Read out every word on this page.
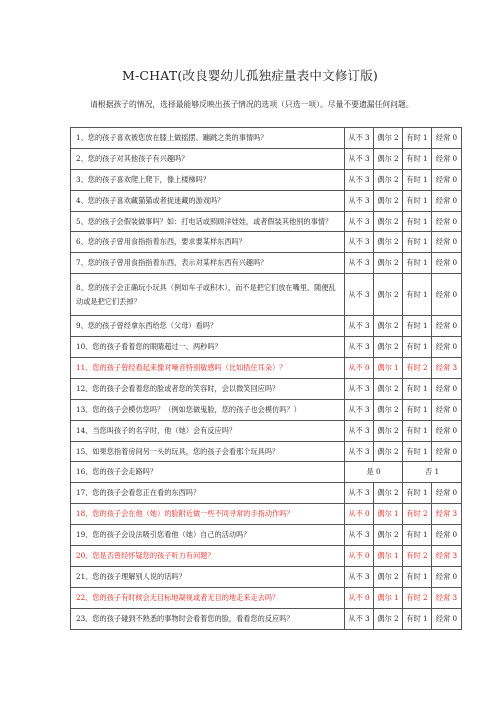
M-CHAT(改良婴幼儿孤独症量表中文修订版)
请根据孩子的情况，选择最能够反映出孩子情况的选项（只选一项）。尽量不要遗漏任何问题。
1、您的孩子喜欢被您放在膝上做摇摆、蹦跳之类的事情吗？	从不 3	偶尔 2	有时 1	经常 0
2、您的孩子对其他孩子有兴趣吗？	从不 3	偶尔 2	有时 1	经常 0
3、您的孩子喜欢爬上爬下，像上楼梯吗？	从不 3	偶尔 2	有时 1	经常 0
4、您的孩子喜欢藏猫猫或者捉迷藏的游戏吗？	从不 3	偶尔 2	有时 1	经常 0
5、您的孩子会假装做事吗？如：打电话或照顾洋娃娃，或者假装其他别的事情？	从不 3	偶尔 2	有时 1	经常 0
6、您的孩子曾用食指指着东西，要求要某样东西吗？	从不 3	偶尔 2	有时 1	经常 0
7、您的孩子曾用食指指着东西，表示对某样东西有兴趣吗？	从不 3	偶尔 2	有时 1	经常 0
8、您的孩子会正确玩小玩具（例如车子或积木），而不是把它们放在嘴里、随便乱动或是把它们丢掉？	从不 3	偶尔 2	有时 1	经常 0
9、您的孩子曾经拿东西给您（父母）看吗？	从不 3	偶尔 2	有时 1	经常 0
10、您的孩子看着您的眼睛超过一、两秒吗？	从不 3	偶尔 2	有时 1	经常 0
11、您的孩子曾经看起来像对噪音特别敏感吗（比如捂住耳朵）？	从不 0	偶尔 1	有时 2	经常 3
12、您的孩子会看着您的脸或者您的笑容时，会以微笑回应吗？	从不 3	偶尔 2	有时 1	经常 0
13、您的孩子会模仿您吗？（例如您做鬼脸，您的孩子也会模仿吗？）	从不 3	偶尔 2	有时 1	经常 0
14、当您叫孩子的名字时，他（她）会有反应吗？	从不 3	偶尔 2	有时 1	经常 0
15、如果您指着房间另一头的玩具，您的孩子会看那个玩具吗？	从不 3	偶尔 2	有时 1	经常 0
16、您的孩子会走路吗？	是 0		否 1	
17、您的孩子会看您正在看的东西吗？	从不 3	偶尔 2	有时 1	经常 0
18、您的孩子会在他（她）的脸附近做一些不同寻常的手指动作吗？	从不 0	偶尔 1	有时 2	经常 3
19、您的孩子会设法吸引您看他（她）自己的活动吗？	从不 3	偶尔 2	有时 1	经常 0
20、您是否曾经怀疑您的孩子听力有问题？	从不 0	偶尔 1	有时 2	经常 3
21、您的孩子理解别人说的话吗？	从不 3	偶尔 2	有时 1	经常 0
22、您的孩子有时候会无目标地凝视或者无目的地走来走去吗？	从不 0	偶尔 1	有时 2	经常 3
23、您的孩子碰到不熟悉的事物时会看着您的脸，看看您的反应吗？	从不 3	偶尔 2	有时 1	经常 0
